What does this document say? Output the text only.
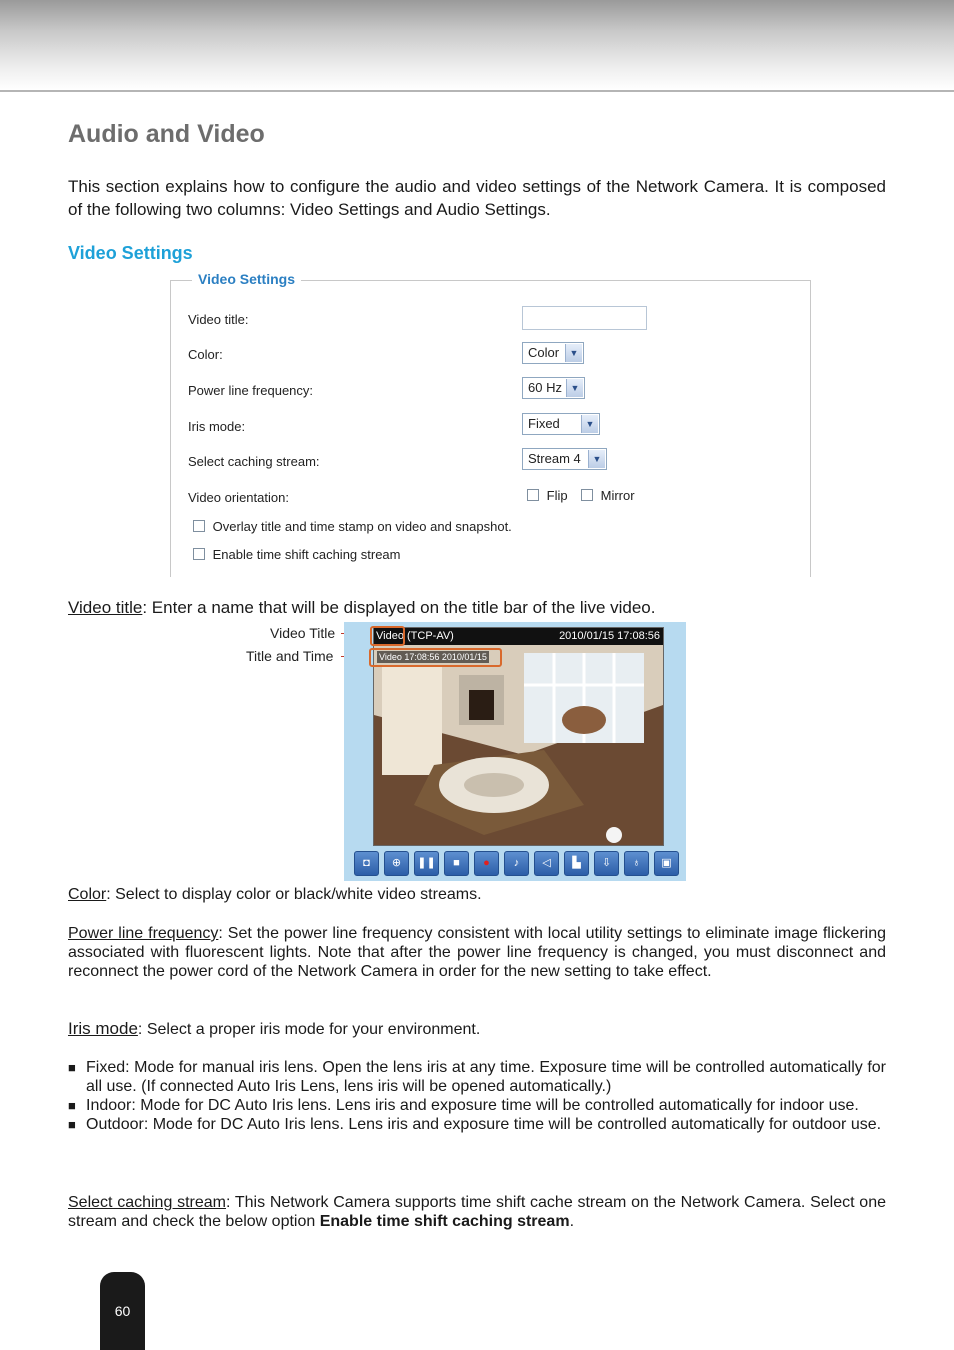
Audio and Video

This section explains how to configure the audio and video settings of the Network Camera. It is composed of the following two columns: Video Settings and Audio Settings.

Video Settings
Video Settings
Video title:
Color:	Color	▼
Power line frequency:	60 Hz ▼
Iris mode:	Fixed	▼
Select caching stream:	Stream 4	▼
Video orientation:	Flip	Mirror
Overlay title and time stamp on video and snapshot.
Enable time shift caching stream

Video title: Enter a name that will be displayed on the title bar of the live video.

Video Title
Title and Time
Video (TCP-AV)	2010/01/15 17:08:56
Video 17:08:56 2010/01/15
◘	⊕	❚❚	■	●	♪	◁	▙	⇩	♁	▣

Color: Select to display color or black/white video streams.

Power line frequency: Set the power line frequency consistent with local utility settings to eliminate image flickering associated with fluorescent lights. Note that after the power line frequency is changed, you must disconnect and reconnect the power cord of the Network Camera in order for the new setting to take effect.

Iris mode: Select a proper iris mode for your environment.

■ Fixed: Mode for manual iris lens. Open the lens iris at any time. Exposure time will be controlled automatically for all use. (If connected Auto Iris Lens, lens iris will be opened automatically.)
■ Indoor: Mode for DC Auto Iris lens. Lens iris and exposure time will be controlled automatically for indoor use.
■ Outdoor: Mode for DC Auto Iris lens. Lens iris and exposure time will be controlled automatically for outdoor use.

Select caching stream: This Network Camera supports time shift cache stream on the Network Camera. Select one stream and check the below option Enable time shift caching stream.

60
